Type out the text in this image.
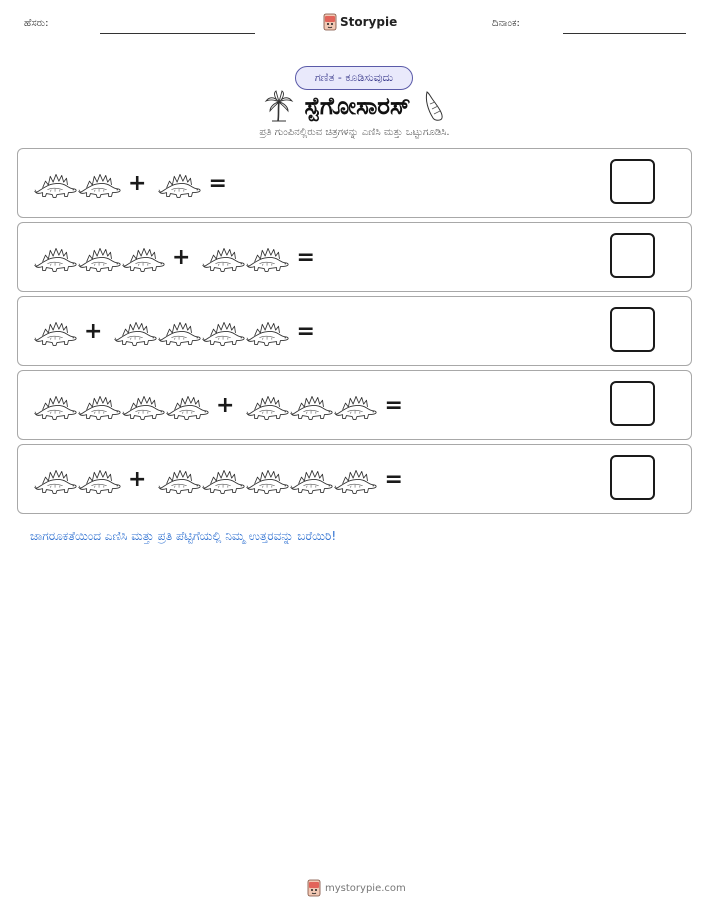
ಹೆಸರು:	Storypie	ದಿನಾಂಕ:
ಗಣಿತ - ಕೂಡಿಸುವುದು
ಸ್ಟೆಗೋಸಾರಸ್
ಪ್ರತಿ ಗುಂಪಿನಲ್ಲಿರುವ ಚಿತ್ರಗಳನ್ನು ಎಣಿಸಿ ಮತ್ತು ಒಟ್ಟುಗೂಡಿಸಿ.
+	=
+	=
+	=
+	=
+	=
ಜಾಗರೂಕತೆಯಿಂದ ಎಣಿಸಿ ಮತ್ತು ಪ್ರತಿ ಪೆಟ್ಟಿಗೆಯಲ್ಲಿ ನಿಮ್ಮ ಉತ್ತರವನ್ನು ಬರೆಯಿರಿ!
mystorypie.com
